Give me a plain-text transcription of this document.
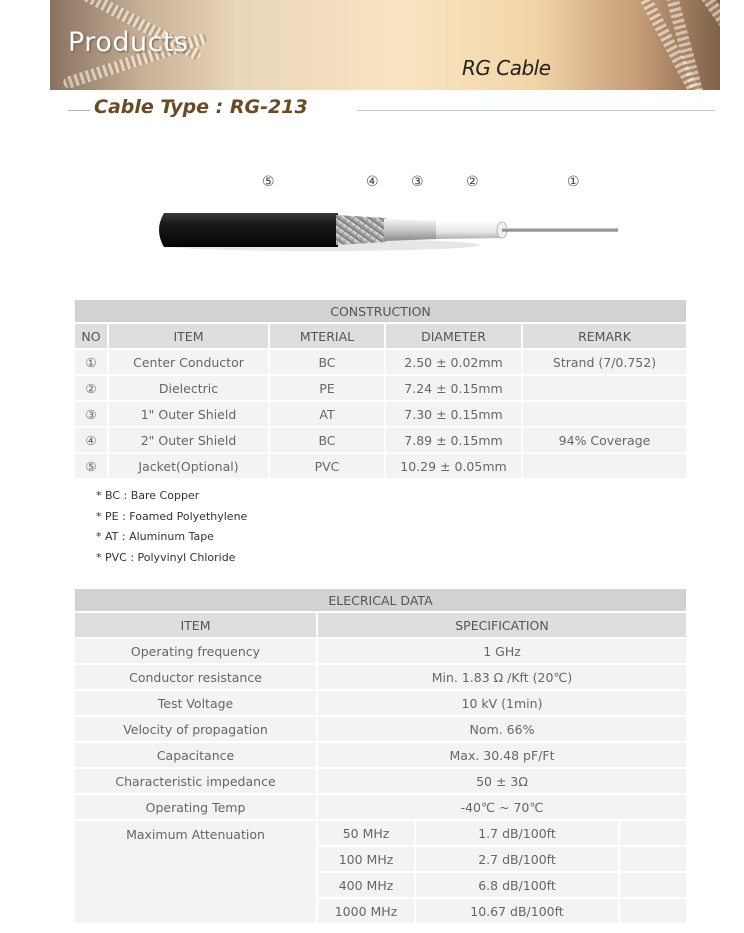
Products
RG Cable
Cable Type : RG-213
⑤	④ ③	②	①
CONSTRUCTION				
NO	ITEM	MTERIAL	DIAMETER	REMARK
①	Center Conductor	BC	2.50 ± 0.02mm	Strand (7/0.752)
②	Dielectric	PE	7.24 ± 0.15mm	
③	1" Outer Shield	AT	7.30 ± 0.15mm	
④	2" Outer Shield	BC	7.89 ± 0.15mm	94% Coverage
⑤	Jacket(Optional)	PVC	10.29 ± 0.05mm	
* BC : Bare Copper
* PE : Foamed Polyethylene
* AT : Aluminum Tape
* PVC : Polyvinyl Chloride
ELECRICAL DATA			
ITEM	SPECIFICATION		
Operating frequency	1 GHz		
Conductor resistance	Min. 1.83 Ω /Kft (20℃)		
Test Voltage	10 kV (1min)		
Velocity of propagation	Nom. 66%		
Capacitance	Max. 30.48 pF/Ft		
Characteristic impedance	50 ± 3Ω		
Operating Temp	-40℃ ~ 70℃		
Maximum Attenuation	50 MHz	1.7 dB/100ft	
	100 MHz	2.7 dB/100ft	
	400 MHz	6.8 dB/100ft	
	1000 MHz	10.67 dB/100ft	
